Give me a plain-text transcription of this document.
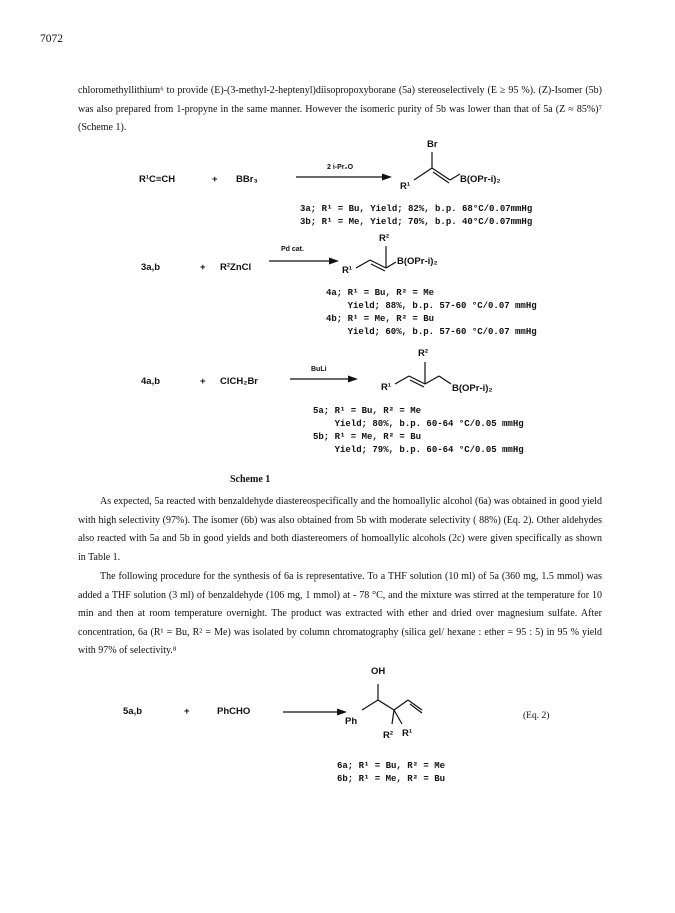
7072

chloromethyllithium⁶ to provide (E)-(3-methyl-2-heptenyl)diisopropoxyborane (5a) stereoselectively (E ≥ 95 %). (Z)-Isomer (5b) was also prepared from 1-propyne in the same manner. However the isomeric purity of 5b was lower than that of 5a (Z ≈ 85%)⁷ (Scheme 1).

R¹C≡CH	+ BBr₃
2 i-Pr₂O
Br
R¹
B(OPr-i)₂
3a; R¹ = Bu, Yield; 82%, b.p. 68°C/0.07mmHg
3b; R¹ = Me, Yield; 70%, b.p. 40°C/0.07mmHg
3a,b	+ R²ZnCl
Pd cat.
R²
R¹
B(OPr-i)₂
4a; R¹ = Bu, R² = Me
Yield; 88%, b.p. 57-60 °C/0.07 mmHg
4b; R¹ = Me, R² = Bu
Yield; 60%, b.p. 57-60 °C/0.07 mmHg
4a,b	+ ClCH₂Br
BuLi
R²
R¹	B(OPr-i)₂
5a; R¹ = Bu, R² = Me
Yield; 80%, b.p. 60-64 °C/0.05 mmHg
5b; R¹ = Me, R² = Bu
Yield; 79%, b.p. 60-64 °C/0.05 mmHg
Scheme 1

As expected, 5a reacted with benzaldehyde diastereospecifically and the homoallylic alcohol (6a) was obtained in good yield with high selectivity (97%). The isomer (6b) was also obtained from 5b with moderate selectivity ( 88%) (Eq. 2). Other aldehydes also reacted with 5a and 5b in good yields and both diastereomers of homoallylic alcohols (2c) were given specifically as shown in Table 1.

The following procedure for the synthesis of 6a is representative. To a THF solution (10 ml) of 5a (360 mg, 1.5 mmol) was added a THF solution (3 ml) of benzaldehyde (106 mg, 1 mmol) at - 78 °C, and the mixture was stirred at the temperature for 10 min and then at room temperature overnight. The product was extracted with ether and dried over magnesium sulfate. After concentration, 6a (R¹ = Bu, R² = Me) was isolated by column chromatography (silica gel/ hexane : ether = 95 : 5) in 95 % yield with 97% of selectivity.⁸

5a,b	+	PhCHO
OH
Ph
R² R¹
(Eq. 2)
6a; R¹ = Bu, R² = Me
6b; R¹ = Me, R² = Bu
